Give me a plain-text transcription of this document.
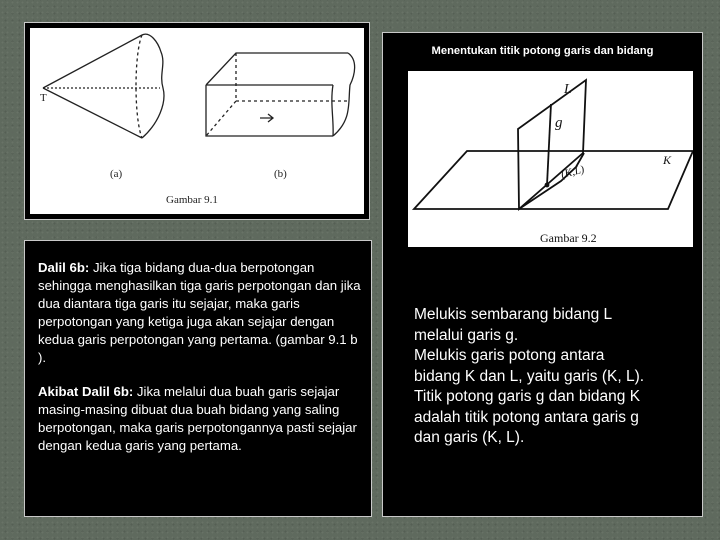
T
(a)	(b)
Gambar 9.1

Dalil 6b: Jika tiga bidang dua-dua berpotongan sehingga menghasilkan tiga garis perpotongan dan jika dua diantara tiga garis itu sejajar, maka garis perpotongan yang ketiga juga akan sejajar dengan kedua garis perpotongan yang pertama. (gambar 9.1 b ).

Akibat Dalil 6b: Jika melalui dua buah garis sejajar masing-masing dibuat dua buah bidang yang saling berpotongan, maka garis perpotongannya pasti sejajar dengan kedua garis yang pertama.

Menentukan titik potong garis dan bidang
L
g
K
(K,L)
Gambar 9.2

Melukis sembarang bidang L
melalui garis g.
Melukis garis potong antara
bidang K dan L, yaitu garis (K, L).
Titik potong garis g dan bidang K
adalah titik potong antara garis g
dan garis (K, L).
